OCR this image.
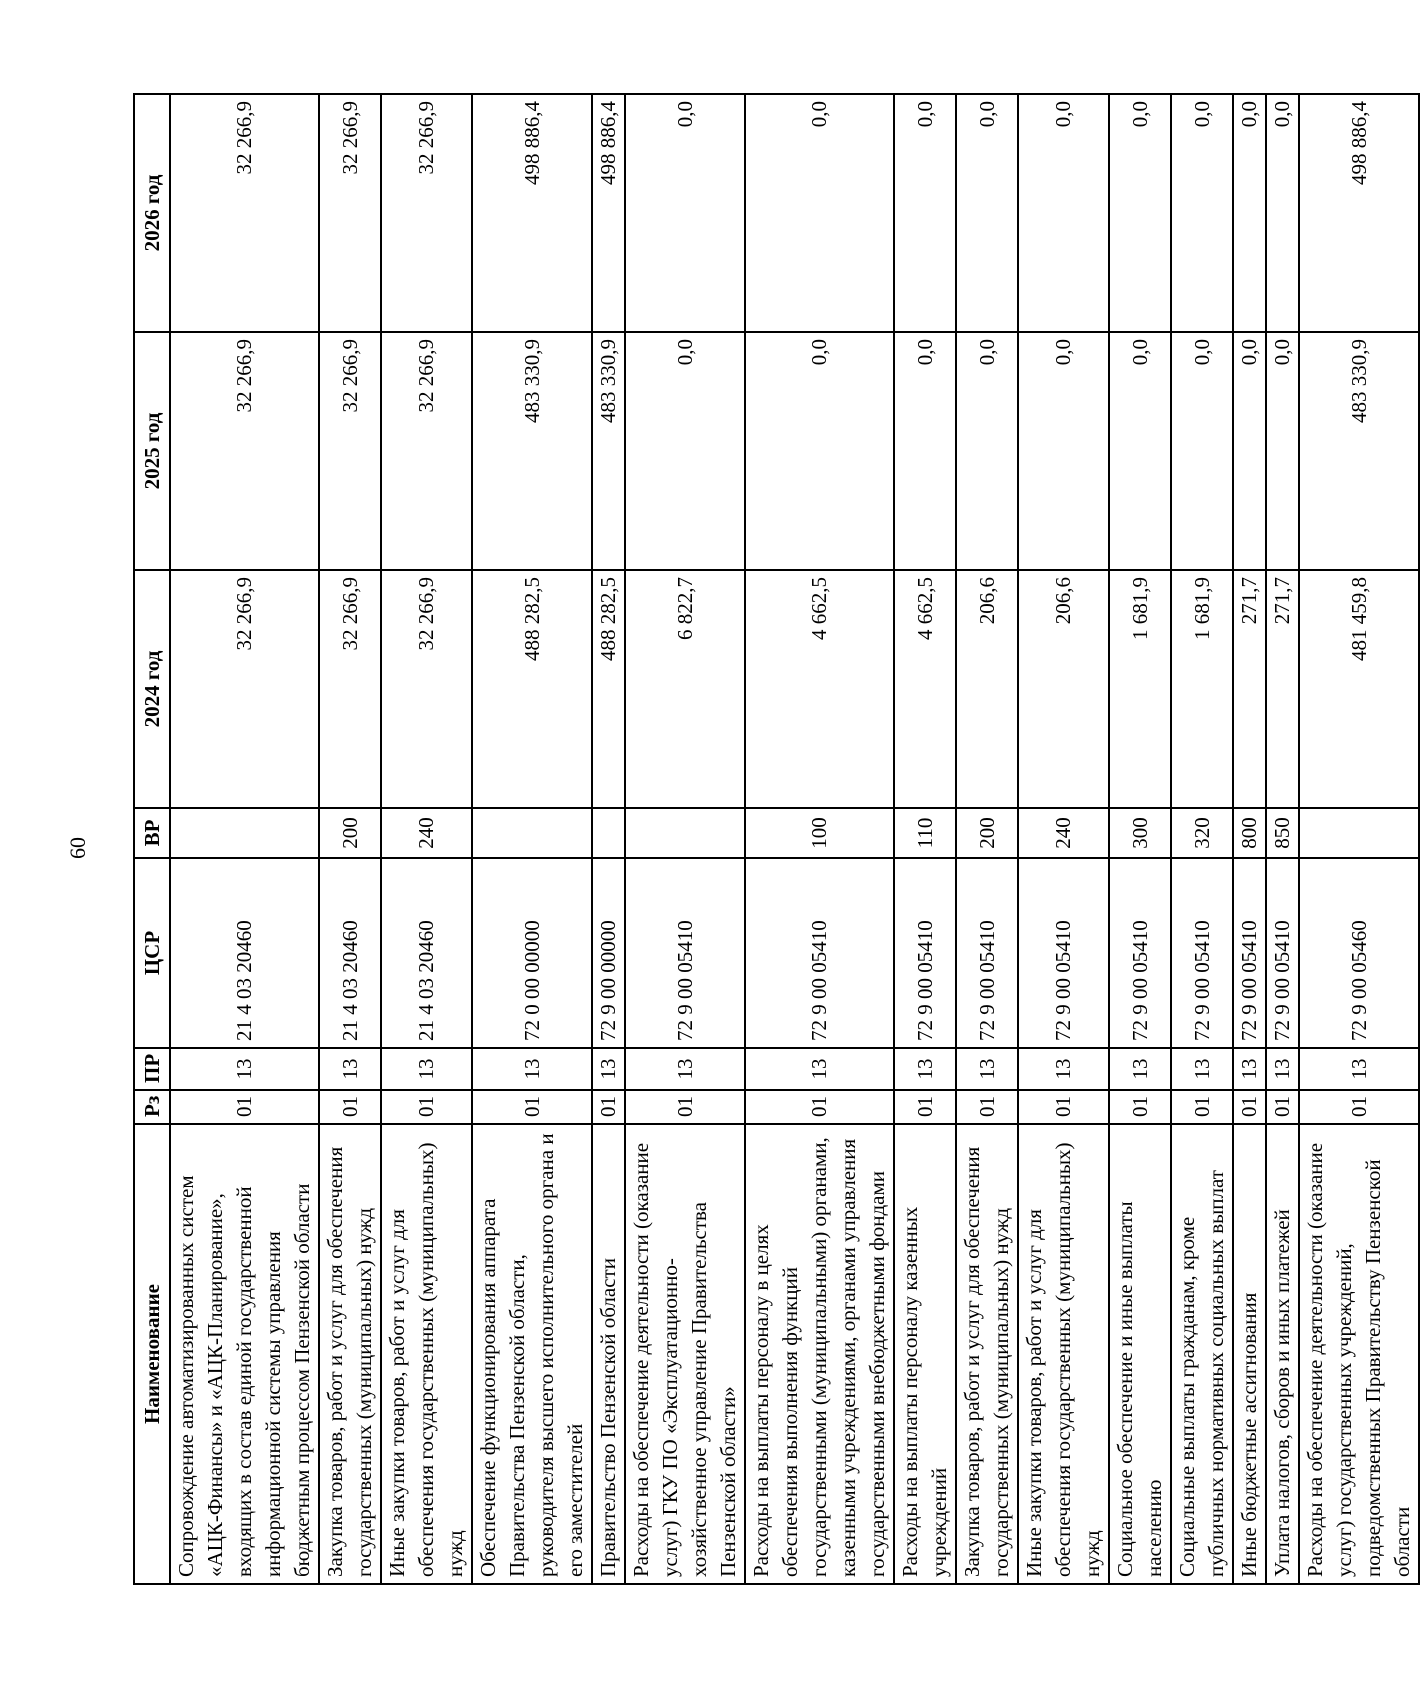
60
Наименование	Рз	ПР	ЦСР	ВР	2024 год	2025 год	2026 год
Сопровождение автоматизированных систем «АЦК-Финансы» и «АЦК-Планирование», входящих в состав единой государственной информационной системы управления бюджетным процессом Пензенской области	01	13	21 4 03 20460		32 266,9	32 266,9	32 266,9
Закупка товаров, работ и услуг для обеспечения государственных (муниципальных) нужд	01	13	21 4 03 20460	200	32 266,9	32 266,9	32 266,9
Иные закупки товаров, работ и услуг для обеспечения государственных (муниципальных) нужд	01	13	21 4 03 20460	240	32 266,9	32 266,9	32 266,9
Обеспечение функционирования аппарата Правительства Пензенской области, руководителя высшего исполнительного органа и его заместителей	01	13	72 0 00 00000		488 282,5	483 330,9	498 886,4
Правительство Пензенской области	01	13	72 9 00 00000		488 282,5	483 330,9	498 886,4
Расходы на обеспечение деятельности (оказание услуг) ГКУ ПО «Эксплуатационно-хозяйственное управление Правительства Пензенской области»	01	13	72 9 00 05410		6 822,7	0,0	0,0
Расходы на выплаты персоналу в целях обеспечения выполнения функций государственными (муниципальными) органами, казенными учреждениями, органами управления государственными внебюджетными фондами	01	13	72 9 00 05410	100	4 662,5	0,0	0,0
Расходы на выплаты персоналу казенных учреждений	01	13	72 9 00 05410	110	4 662,5	0,0	0,0
Закупка товаров, работ и услуг для обеспечения государственных (муниципальных) нужд	01	13	72 9 00 05410	200	206,6	0,0	0,0
Иные закупки товаров, работ и услуг для обеспечения государственных (муниципальных) нужд	01	13	72 9 00 05410	240	206,6	0,0	0,0
Социальное обеспечение и иные выплаты населению	01	13	72 9 00 05410	300	1 681,9	0,0	0,0
Социальные выплаты гражданам, кроме публичных нормативных социальных выплат	01	13	72 9 00 05410	320	1 681,9	0,0	0,0
Иные бюджетные ассигнования	01	13	72 9 00 05410	800	271,7	0,0	0,0
Уплата налогов, сборов и иных платежей	01	13	72 9 00 05410	850	271,7	0,0	0,0
Расходы на обеспечение деятельности (оказание услуг) государственных учреждений, подведомственных Правительству Пензенской области	01	13	72 9 00 05460		481 459,8	483 330,9	498 886,4
